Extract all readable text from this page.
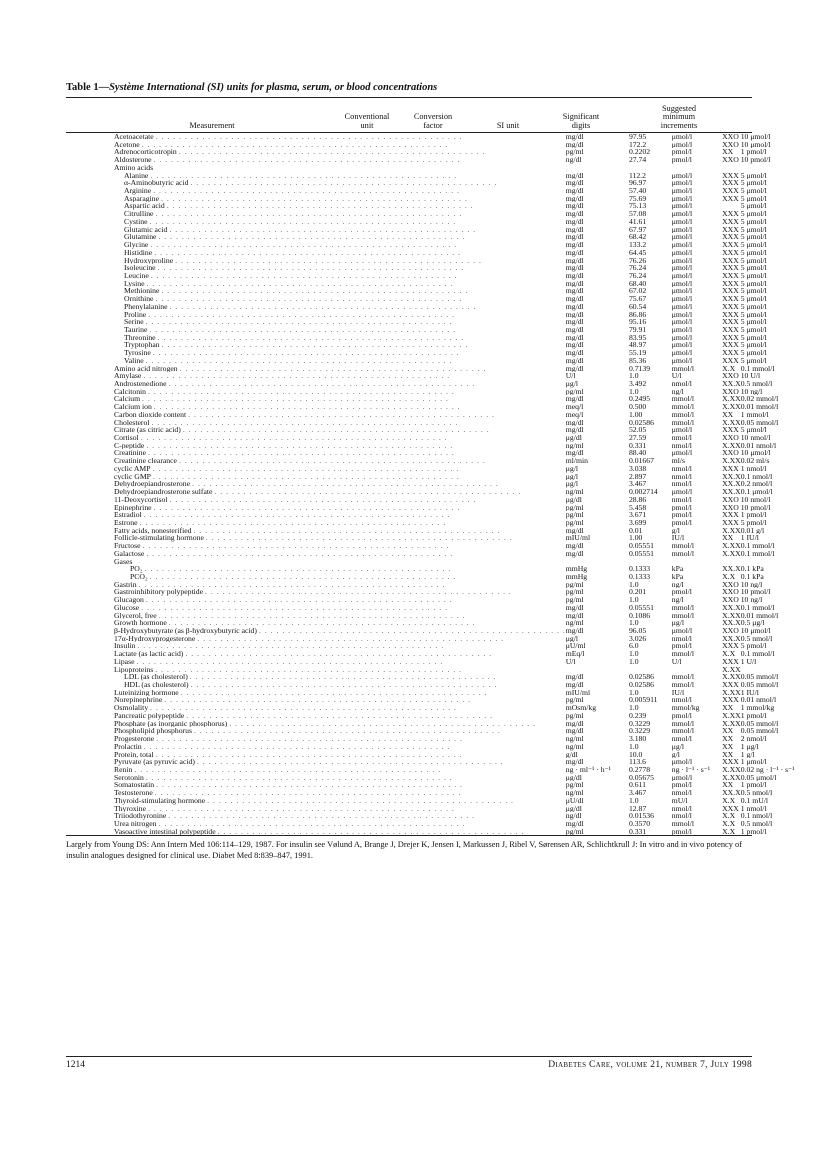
Table 1—Système International (SI) units for plasma, serum, or blood concentrations
Measurement
Conventional
unit
Conversion
factor	SI unit
Significant
digits
Suggested
minimum
increments
Acetoacetate . . . . . . . . . . . . . . . . . . . . . . . . . . . . . . . . . . . . . . . . . . . . . . . . . . . . .	mg/dl	97.95	μmol/l	XXO	10 μmol/l

Acetone . . . . . . . . . . . . . . . . . . . . . . . . . . . . . . . . . . . . . . . . . . . . . . . . . . . . .	mg/dl	172.2	μmol/l	XXO	10 μmol/l

Adrenocorticotropin . . . . . . . . . . . . . . . . . . . . . . . . . . . . . . . . . . . . . . . . . . . . . . . . . . . . .	pg/ml	0.2202	pmol/l	XX	1 pmol/l

Aldosterone . . . . . . . . . . . . . . . . . . . . . . . . . . . . . . . . . . . . . . . . . . . . . . . . . . . . .	ng/dl	27.74	pmol/l	XXO	10 pmol/l

Amino acids					

Alanine . . . . . . . . . . . . . . . . . . . . . . . . . . . . . . . . . . . . . . . . . . . . . . . . . . . . .	mg/dl	112.2	μmol/l	XXX	5 μmol/l

α-Aminobutyric acid . . . . . . . . . . . . . . . . . . . . . . . . . . . . . . . . . . . . . . . . . . . . . . . . . . . . .	mg/dl	96.97	μmol/l	XXX	5 μmol/l

Arginine . . . . . . . . . . . . . . . . . . . . . . . . . . . . . . . . . . . . . . . . . . . . . . . . . . . . .	mg/dl	57.40	μmol/l	XXX	5 μmol/l

Asparagine . . . . . . . . . . . . . . . . . . . . . . . . . . . . . . . . . . . . . . . . . . . . . . . . . . . . .	mg/dl	75.69	μmol/l	XXX	5 μmol/l

Aspartic acid . . . . . . . . . . . . . . . . . . . . . . . . . . . . . . . . . . . . . . . . . . . . . . . . . . . . .	mg/dl	75.13	μmol/l		5 μmol/l

Citrulline . . . . . . . . . . . . . . . . . . . . . . . . . . . . . . . . . . . . . . . . . . . . . . . . . . . . .	mg/dl	57.08	μmol/l	XXX	5 μmol/l

Cystine . . . . . . . . . . . . . . . . . . . . . . . . . . . . . . . . . . . . . . . . . . . . . . . . . . . . .	mg/dl	41.61	μmol/l	XXX	5 μmol/l

Glutamic acid . . . . . . . . . . . . . . . . . . . . . . . . . . . . . . . . . . . . . . . . . . . . . . . . . . . . .	mg/dl	67.97	μmol/l	XXX	5 μmol/l

Glutamine . . . . . . . . . . . . . . . . . . . . . . . . . . . . . . . . . . . . . . . . . . . . . . . . . . . . .	mg/dl	68.42	μmol/l	XXX	5 μmol/l

Glycine . . . . . . . . . . . . . . . . . . . . . . . . . . . . . . . . . . . . . . . . . . . . . . . . . . . . .	mg/dl	133.2	μmol/l	XXX	5 μmol/l

Histidine . . . . . . . . . . . . . . . . . . . . . . . . . . . . . . . . . . . . . . . . . . . . . . . . . . . . .	mg/dl	64.45	μmol/l	XXX	5 μmol/l

Hydroxyproline . . . . . . . . . . . . . . . . . . . . . . . . . . . . . . . . . . . . . . . . . . . . . . . . . . . . .	mg/dl	76.26	μmol/l	XXX	5 μmol/l

Isoleucine . . . . . . . . . . . . . . . . . . . . . . . . . . . . . . . . . . . . . . . . . . . . . . . . . . . . .	mg/dl	76.24	μmol/l	XXX	5 μmol/l

Leucine . . . . . . . . . . . . . . . . . . . . . . . . . . . . . . . . . . . . . . . . . . . . . . . . . . . . .	mg/dl	76.24	μmol/l	XXX	5 μmol/l

Lysine . . . . . . . . . . . . . . . . . . . . . . . . . . . . . . . . . . . . . . . . . . . . . . . . . . . . .	mg/dl	68.40	μmol/l	XXX	5 μmol/l

Methionine . . . . . . . . . . . . . . . . . . . . . . . . . . . . . . . . . . . . . . . . . . . . . . . . . . . . .	mg/dl	67.02	μmol/l	XXX	5 μmol/l

Ornithine . . . . . . . . . . . . . . . . . . . . . . . . . . . . . . . . . . . . . . . . . . . . . . . . . . . . .	mg/dl	75.67	μmol/l	XXX	5 μmol/l

Phenylalanine . . . . . . . . . . . . . . . . . . . . . . . . . . . . . . . . . . . . . . . . . . . . . . . . . . . . .	mg/dl	60.54	μmol/l	XXX	5 μmol/l

Proline . . . . . . . . . . . . . . . . . . . . . . . . . . . . . . . . . . . . . . . . . . . . . . . . . . . . .	mg/dl	86.86	μmol/l	XXX	5 μmol/l

Serine . . . . . . . . . . . . . . . . . . . . . . . . . . . . . . . . . . . . . . . . . . . . . . . . . . . . .	mg/dl	95.16	μmol/l	XXX	5 μmol/l

Taurine . . . . . . . . . . . . . . . . . . . . . . . . . . . . . . . . . . . . . . . . . . . . . . . . . . . . .	mg/dl	79.91	μmol/l	XXX	5 μmol/l

Threonine . . . . . . . . . . . . . . . . . . . . . . . . . . . . . . . . . . . . . . . . . . . . . . . . . . . . .	mg/dl	83.95	μmol/l	XXX	5 μmol/l

Tryptophan . . . . . . . . . . . . . . . . . . . . . . . . . . . . . . . . . . . . . . . . . . . . . . . . . . . . .	mg/dl	48.97	μmol/l	XXX	5 μmol/l

Tyrosine . . . . . . . . . . . . . . . . . . . . . . . . . . . . . . . . . . . . . . . . . . . . . . . . . . . . .	mg/dl	55.19	μmol/l	XXX	5 μmol/l

Valine . . . . . . . . . . . . . . . . . . . . . . . . . . . . . . . . . . . . . . . . . . . . . . . . . . . . .	mg/dl	85.36	μmol/l	XXX	5 μmol/l

Amino acid nitrogen . . . . . . . . . . . . . . . . . . . . . . . . . . . . . . . . . . . . . . . . . . . . . . . . . . . . .	mg/dl	0.7139	mmol/l	X.X	0.1 mmol/l

Amylase . . . . . . . . . . . . . . . . . . . . . . . . . . . . . . . . . . . . . . . . . . . . . . . . . . . . .	U/l	1.0	U/l	XXO	10 U/l

Androstenedione . . . . . . . . . . . . . . . . . . . . . . . . . . . . . . . . . . . . . . . . . . . . . . . . . . . . .	μg/l	3.492	nmol/l	XX.X	0.5 nmol/l

Calcitonin . . . . . . . . . . . . . . . . . . . . . . . . . . . . . . . . . . . . . . . . . . . . . . . . . . . . .	pg/ml	1.0	ng/l	XXO	10 ng/l

Calcium . . . . . . . . . . . . . . . . . . . . . . . . . . . . . . . . . . . . . . . . . . . . . . . . . . . . .	mg/dl	0.2495	mmol/l	X.XX	0.02 mmol/l

Calcium ion . . . . . . . . . . . . . . . . . . . . . . . . . . . . . . . . . . . . . . . . . . . . . . . . . . . . .	meq/l	0.500	mmol/l	X.XX	0.01 mmol/l

Carbon dioxide content . . . . . . . . . . . . . . . . . . . . . . . . . . . . . . . . . . . . . . . . . . . . . . . . . . . . .	meq/l	1.00	mmol/l	XX	1 mmol/l

Cholesterol . . . . . . . . . . . . . . . . . . . . . . . . . . . . . . . . . . . . . . . . . . . . . . . . . . . . .	mg/dl	0.02586	mmol/l	X.XX	0.05 mmol/l

Citrate (as citric acid) . . . . . . . . . . . . . . . . . . . . . . . . . . . . . . . . . . . . . . . . . . . . . . . . . . . . .	mg/dl	52.05	μmol/l	XXX	5 μmol/l

Cortisol . . . . . . . . . . . . . . . . . . . . . . . . . . . . . . . . . . . . . . . . . . . . . . . . . . . . .	μg/dl	27.59	nmol/l	XXO	10 nmol/l

C-peptide . . . . . . . . . . . . . . . . . . . . . . . . . . . . . . . . . . . . . . . . . . . . . . . . . . . . .	ng/ml	0.331	nmol/l	X.XX	0.01 nmol/l

Creatinine . . . . . . . . . . . . . . . . . . . . . . . . . . . . . . . . . . . . . . . . . . . . . . . . . . . . .	mg/dl	88.40	μmol/l	XXO	10 μmol/l

Creatinine clearance . . . . . . . . . . . . . . . . . . . . . . . . . . . . . . . . . . . . . . . . . . . . . . . . . . . . .	ml/min	0.01667	ml/s	X.XX	0.02 ml/s

cyclic AMP . . . . . . . . . . . . . . . . . . . . . . . . . . . . . . . . . . . . . . . . . . . . . . . . . . . . .	μg/l	3.038	nmol/l	XXX	1 nmol/l

cyclic GMP . . . . . . . . . . . . . . . . . . . . . . . . . . . . . . . . . . . . . . . . . . . . . . . . . . . . .	μg/l	2.897	nmol/l	XX.X	0.1 nmol/l

Dehydroepiandrosterone . . . . . . . . . . . . . . . . . . . . . . . . . . . . . . . . . . . . . . . . . . . . . . . . . . . . .	μg/l	3.467	nmol/l	XX.X	0.2 nmol/l

Dehydroepiandrosterone sulfate . . . . . . . . . . . . . . . . . . . . . . . . . . . . . . . . . . . . . . . . . . . . . . . . . . . . .	ng/ml	0.002714	μmol/l	XX.X	0.1 μmol/l

11-Deoxycortisol . . . . . . . . . . . . . . . . . . . . . . . . . . . . . . . . . . . . . . . . . . . . . . . . . . . . .	μg/dl	28.86	nmol/l	XXO	10 nmol/l

Epinephrine . . . . . . . . . . . . . . . . . . . . . . . . . . . . . . . . . . . . . . . . . . . . . . . . . . . . .	pg/ml	5.458	pmol/l	XXO	10 pmol/l

Estradiol . . . . . . . . . . . . . . . . . . . . . . . . . . . . . . . . . . . . . . . . . . . . . . . . . . . . .	pg/ml	3.671	pmol/l	XXX	1 pmol/l

Estrone . . . . . . . . . . . . . . . . . . . . . . . . . . . . . . . . . . . . . . . . . . . . . . . . . . . . .	pg/ml	3.699	pmol/l	XXX	5 pmol/l

Fatty acids, nonesterified . . . . . . . . . . . . . . . . . . . . . . . . . . . . . . . . . . . . . . . . . . . . . . . . . . . . .	mg/dl	0.01	g/l	X.XX	0.01 g/l

Follicle-stimulating hormone . . . . . . . . . . . . . . . . . . . . . . . . . . . . . . . . . . . . . . . . . . . . . . . . . . . . .	mIU/ml	1.00	IU/l	XX	1 IU/l

Fructose . . . . . . . . . . . . . . . . . . . . . . . . . . . . . . . . . . . . . . . . . . . . . . . . . . . . .	mg/dl	0.05551	mmol/l	X.XX	0.1 mmol/l

Galactose . . . . . . . . . . . . . . . . . . . . . . . . . . . . . . . . . . . . . . . . . . . . . . . . . . . . .	mg/dl	0.05551	mmol/l	X.XX	0.1 mmol/l

Gases					

PO₂ . . . . . . . . . . . . . . . . . . . . . . . . . . . . . . . . . . . . . . . . . . . . . . . . . . . . .	mmHg	0.1333	kPa	XX.X	0.1 kPa

PCO₂ . . . . . . . . . . . . . . . . . . . . . . . . . . . . . . . . . . . . . . . . . . . . . . . . . . . . .	mmHg	0.1333	kPa	X.X	0.1 kPa

Gastrin . . . . . . . . . . . . . . . . . . . . . . . . . . . . . . . . . . . . . . . . . . . . . . . . . . . . .	pg/ml	1.0	ng/l	XXO	10 ng/l

Gastroinhibitory polypeptide . . . . . . . . . . . . . . . . . . . . . . . . . . . . . . . . . . . . . . . . . . . . . . . . . . . . .	pg/ml	0.201	pmol/l	XXO	10 pmol/l

Glucagon . . . . . . . . . . . . . . . . . . . . . . . . . . . . . . . . . . . . . . . . . . . . . . . . . . . . .	pg/ml	1.0	ng/l	XXO	10 ng/l

Glucose . . . . . . . . . . . . . . . . . . . . . . . . . . . . . . . . . . . . . . . . . . . . . . . . . . . . .	mg/dl	0.05551	mmol/l	XX.X	0.1 mmol/l

Glycerol, free . . . . . . . . . . . . . . . . . . . . . . . . . . . . . . . . . . . . . . . . . . . . . . . . . . . . .	mg/dl	0.1086	mmol/l	X.XX	0.01 mmol/l

Growth hormone . . . . . . . . . . . . . . . . . . . . . . . . . . . . . . . . . . . . . . . . . . . . . . . . . . . . .	ng/ml	1.0	μg/l	XX.X	0.5 μg/l

β-Hydroxybutyrate (as β-hydroxybutyric acid) . . . . . . . . . . . . . . . . . . . . . . . . . . . . . . . . . . . . . . . . . . . . . . . . . . . . .	mg/dl	96.05	μmol/l	XXO	10 μmol/l

17α-Hydroxyprogesterone . . . . . . . . . . . . . . . . . . . . . . . . . . . . . . . . . . . . . . . . . . . . . . . . . . . . .	μg/l	3.026	nmol/l	XX.X	0.5 nmol/l

Insulin . . . . . . . . . . . . . . . . . . . . . . . . . . . . . . . . . . . . . . . . . . . . . . . . . . . . .	μU/ml	6.0	pmol/l	XXX	5 pmol/l

Lactate (as lactic acid) . . . . . . . . . . . . . . . . . . . . . . . . . . . . . . . . . . . . . . . . . . . . . . . . . . . . .	mEq/l	1.0	mmol/l	X.X	0.1 mmol/l

Lipase . . . . . . . . . . . . . . . . . . . . . . . . . . . . . . . . . . . . . . . . . . . . . . . . . . . . .	U/l	1.0	U/l	XXX	1 U/l

Lipoproteins . . . . . . . . . . . . . . . . . . . . . . . . . . . . . . . . . . . . . . . . . . . . . . . . . . . . .				X.XX	

LDL (as cholesterol) . . . . . . . . . . . . . . . . . . . . . . . . . . . . . . . . . . . . . . . . . . . . . . . . . . . . .	mg/dl	0.02586	mmol/l	X.XX	0.05 mmol/l

HDL (as cholesterol) . . . . . . . . . . . . . . . . . . . . . . . . . . . . . . . . . . . . . . . . . . . . . . . . . . . . .	mg/dl	0.02586	mmol/l	XXX	0.05 mmol/l

Luteinizing hormone . . . . . . . . . . . . . . . . . . . . . . . . . . . . . . . . . . . . . . . . . . . . . . . . . . . . .	mIU/ml	1.0	IU/l	X.XX	1 IU/l

Norepinephrine . . . . . . . . . . . . . . . . . . . . . . . . . . . . . . . . . . . . . . . . . . . . . . . . . . . . .	pg/ml	0.005911	nmol/l	XXX	0.01 nmol/l

Osmolality . . . . . . . . . . . . . . . . . . . . . . . . . . . . . . . . . . . . . . . . . . . . . . . . . . . . .	mOsm/kg	1.0	mmol/kg	XX	1 mmol/kg

Pancreatic polypeptide . . . . . . . . . . . . . . . . . . . . . . . . . . . . . . . . . . . . . . . . . . . . . . . . . . . . .	pg/ml	0.239	pmol/l	X.XX	1 pmol/l

Phosphate (as inorganic phosphorus) . . . . . . . . . . . . . . . . . . . . . . . . . . . . . . . . . . . . . . . . . . . . . . . . . . . . .	mg/dl	0.3229	mmol/l	X.XX	0.05 mmol/l

Phospholipid phosphorus . . . . . . . . . . . . . . . . . . . . . . . . . . . . . . . . . . . . . . . . . . . . . . . . . . . . .	mg/dl	0.3229	mmol/l	XX	0.05 mmol/l

Progesterone . . . . . . . . . . . . . . . . . . . . . . . . . . . . . . . . . . . . . . . . . . . . . . . . . . . . .	ng/ml	3.180	nmol/l	XX	2 nmol/l

Prolactin . . . . . . . . . . . . . . . . . . . . . . . . . . . . . . . . . . . . . . . . . . . . . . . . . . . . .	ng/ml	1.0	μg/l	XX	1 μg/l

Protein, total . . . . . . . . . . . . . . . . . . . . . . . . . . . . . . . . . . . . . . . . . . . . . . . . . . . . .	g/dl	10.0	g/l	XX	1 g/l

Pyruvate (as pyruvic acid) . . . . . . . . . . . . . . . . . . . . . . . . . . . . . . . . . . . . . . . . . . . . . . . . . . . . .	mg/dl	113.6	μmol/l	XXX	1 μmol/l

Renin . . . . . . . . . . . . . . . . . . . . . . . . . . . . . . . . . . . . . . . . . . . . . . . . . . . . .	ng · ml⁻¹ · h⁻¹	0.2778	ng · l⁻¹ · s⁻¹	X.XX	0.02 ng · l⁻¹ · s⁻¹

Serotonin . . . . . . . . . . . . . . . . . . . . . . . . . . . . . . . . . . . . . . . . . . . . . . . . . . . . .	μg/dl	0.05675	μmol/l	X.XX	0.05 μmol/l

Somatostatin . . . . . . . . . . . . . . . . . . . . . . . . . . . . . . . . . . . . . . . . . . . . . . . . . . . . .	pg/ml	0.611	pmol/l	XX	1 pmol/l

Testosterone . . . . . . . . . . . . . . . . . . . . . . . . . . . . . . . . . . . . . . . . . . . . . . . . . . . . .	ng/ml	3.467	nmol/l	XX.X	0.5 nmol/l

Thyroid-stimulating hormone . . . . . . . . . . . . . . . . . . . . . . . . . . . . . . . . . . . . . . . . . . . . . . . . . . . . .	μU/dl	1.0	mU/l	X.X	0.1 mU/l

Thyroxine . . . . . . . . . . . . . . . . . . . . . . . . . . . . . . . . . . . . . . . . . . . . . . . . . . . . .	μg/dl	12.87	nmol/l	XXX	1 nmol/l

Triiodothyronine . . . . . . . . . . . . . . . . . . . . . . . . . . . . . . . . . . . . . . . . . . . . . . . . . . . . .	ng/dl	0.01536	nmol/l	X.X	0.1 nmol/l

Urea nitrogen . . . . . . . . . . . . . . . . . . . . . . . . . . . . . . . . . . . . . . . . . . . . . . . . . . . . .	mg/dl	0.3570	mmol/l	X.X	0.5 nmol/l

Vasoactive intestinal polypeptide . . . . . . . . . . . . . . . . . . . . . . . . . . . . . . . . . . . . . . . . . . . . . . . . . . . . .	pg/ml	0.331	pmol/l	X.X	1 pmol/l
Largely from Young DS: Ann Intern Med 106:114–129, 1987. For insulin see Vølund A, Brange J, Drejer K, Jensen I, Markussen J, Ribel V, Sørensen AR, Schlichtkrull J: In vitro and in vivo potency of insulin analogues designed for clinical use. Diabet Med 8:839–847, 1991.
1214	Diabetes Care, volume 21, number 7, July 1998
